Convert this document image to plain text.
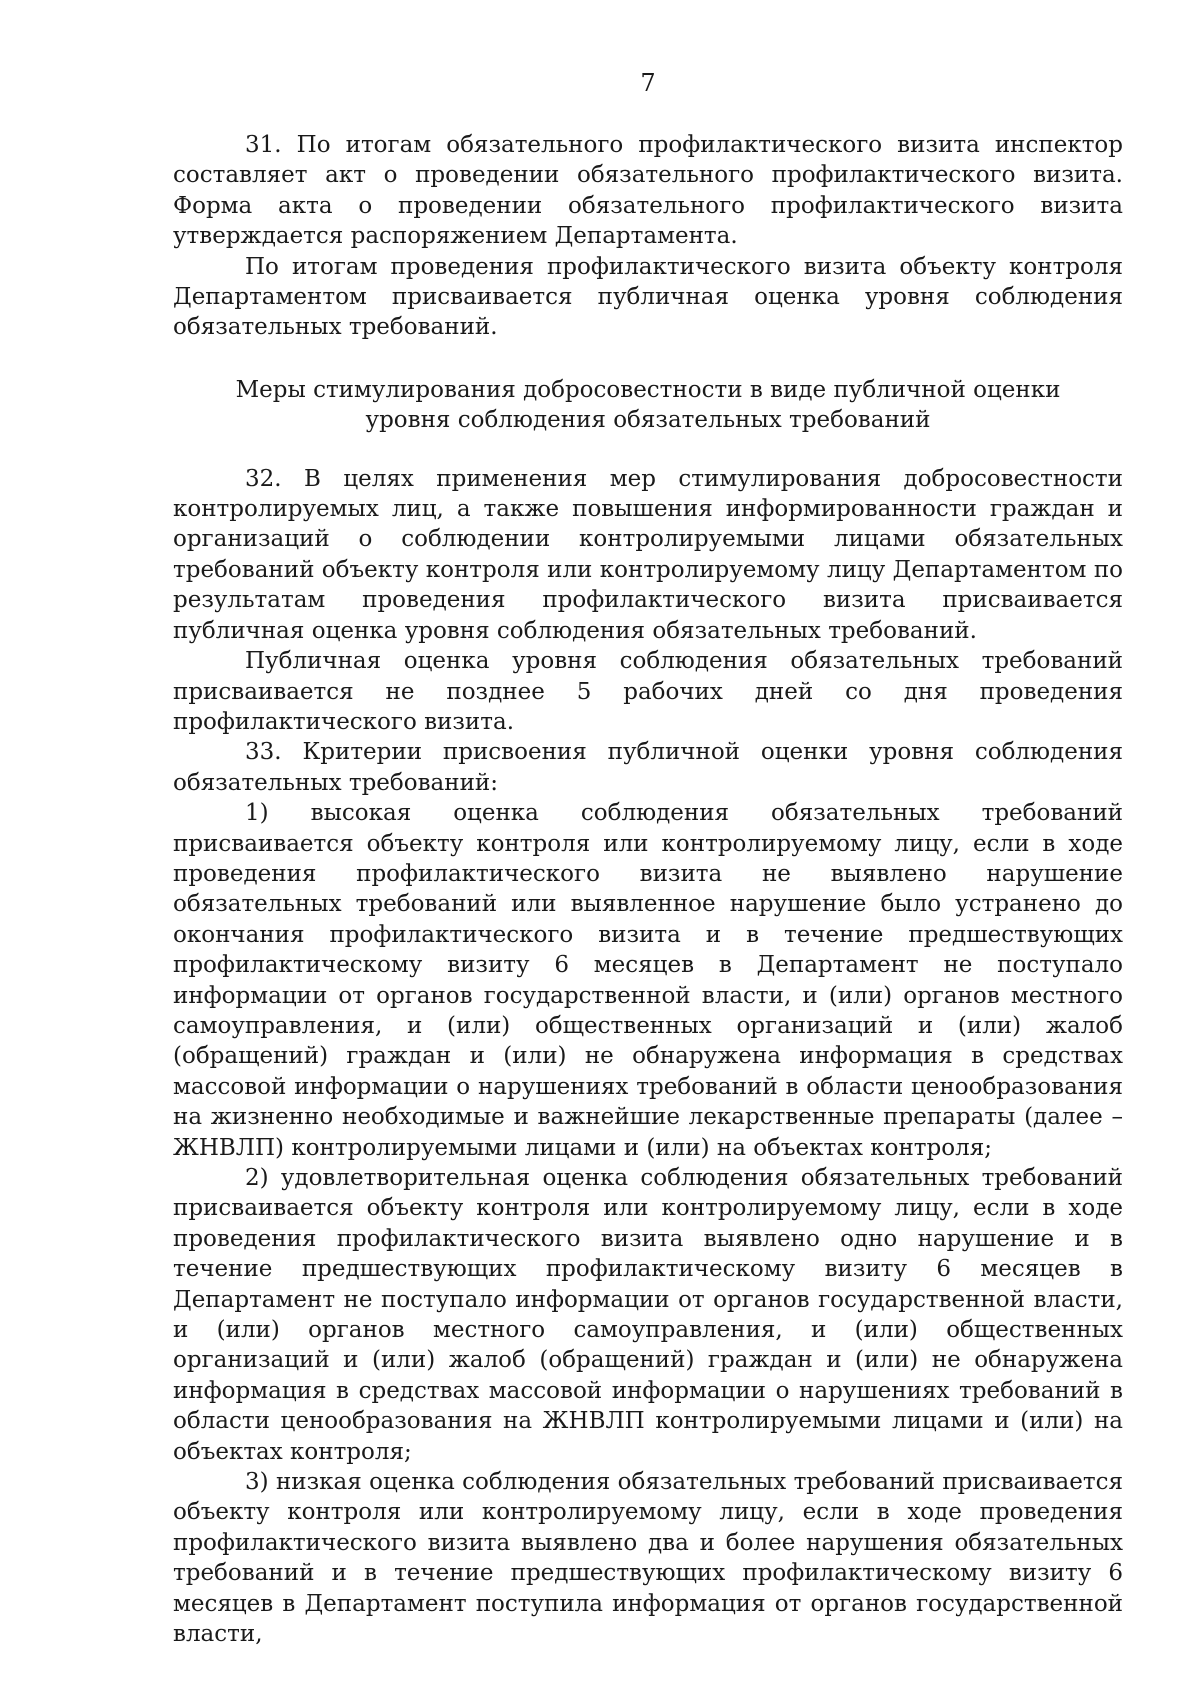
7

31. По итогам обязательного профилактического визита инспектор составляет акт о проведении обязательного профилактического визита. Форма акта о проведении обязательного профилактического визита утверждается распоряжением Департамента.

По итогам проведения профилактического визита объекту контроля Департаментом присваивается публичная оценка уровня соблюдения обязательных требований.

Меры стимулирования добросовестности в виде публичной оценки уровня соблюдения обязательных требований

32. В целях применения мер стимулирования добросовестности контролируемых лиц, а также повышения информированности граждан и организаций о соблюдении контролируемыми лицами обязательных требований объекту контроля или контролируемому лицу Департаментом по результатам проведения профилактического визита присваивается публичная оценка уровня соблюдения обязательных требований.

Публичная оценка уровня соблюдения обязательных требований присваивается не позднее 5 рабочих дней со дня проведения профилактического визита.

33. Критерии присвоения публичной оценки уровня соблюдения обязательных требований:

1) высокая оценка соблюдения обязательных требований присваивается объекту контроля или контролируемому лицу, если в ходе проведения профилактического визита не выявлено нарушение обязательных требований или выявленное нарушение было устранено до окончания профилактического визита и в течение предшествующих профилактическому визиту 6 месяцев в Департамент не поступало информации от органов государственной власти, и (или) органов местного самоуправления, и (или) общественных организаций и (или) жалоб (обращений) граждан и (или) не обнаружена информация в средствах массовой информации о нарушениях требований в области ценообразования на жизненно необходимые и важнейшие лекарственные препараты (далее – ЖНВЛП) контролируемыми лицами и (или) на объектах контроля;

2) удовлетворительная оценка соблюдения обязательных требований присваивается объекту контроля или контролируемому лицу, если в ходе проведения профилактического визита выявлено одно нарушение и в течение предшествующих профилактическому визиту 6 месяцев в Департамент не поступало информации от органов государственной власти, и (или) органов местного самоуправления, и (или) общественных организаций и (или) жалоб (обращений) граждан и (или) не обнаружена информация в средствах массовой информации о нарушениях требований в области ценообразования на ЖНВЛП контролируемыми лицами и (или) на объектах контроля;

3) низкая оценка соблюдения обязательных требований присваивается объекту контроля или контролируемому лицу, если в ходе проведения профилактического визита выявлено два и более нарушения обязательных требований и в течение предшествующих профилактическому визиту 6 месяцев в Департамент поступила информация от органов государственной власти,
